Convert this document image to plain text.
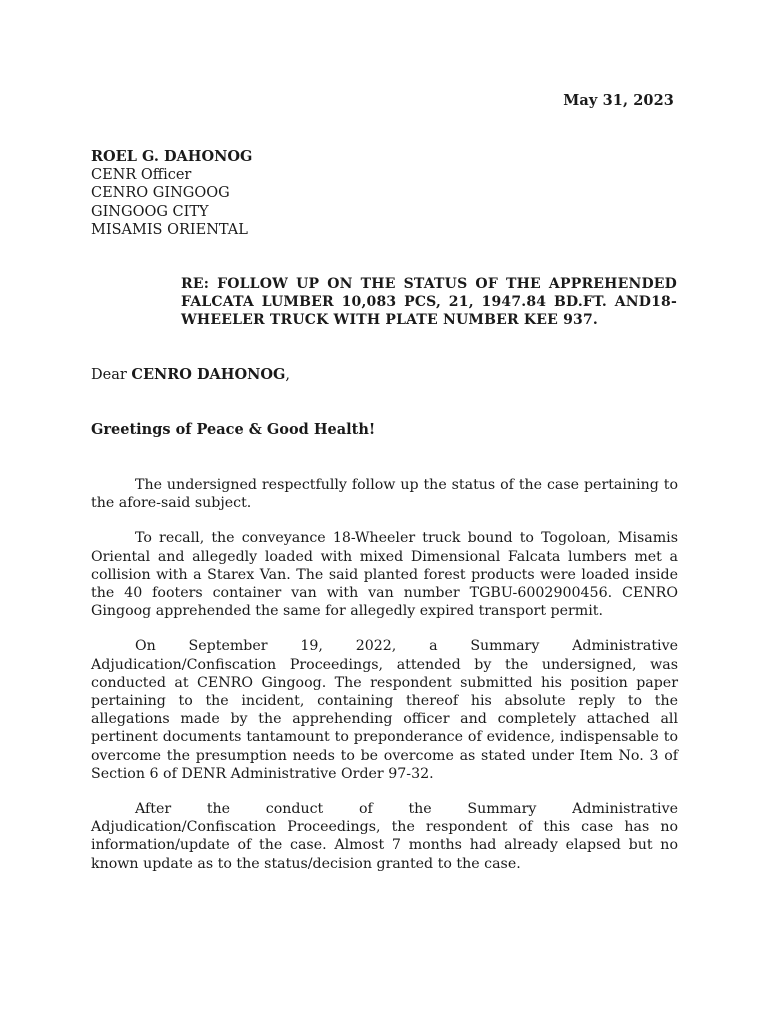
May 31, 2023
ROEL G. DAHONOG
CENR Officer
CENRO GINGOOG
GINGOOG CITY
MISAMIS ORIENTAL
RE: FOLLOW UP ON THE STATUS OF THE APPREHENDED FALCATA LUMBER 10,083 PCS, 21, 1947.84 BD.FT. AND18-WHEELER TRUCK WITH PLATE NUMBER KEE 937.
Dear CENRO DAHONOG,
Greetings of Peace & Good Health!

The undersigned respectfully follow up the status of the case pertaining to the afore-said subject.

To recall, the conveyance 18-Wheeler truck bound to Togoloan, Misamis Oriental and allegedly loaded with mixed Dimensional Falcata lumbers met a collision with a Starex Van. The said planted forest products were loaded inside the 40 footers container van with van number TGBU-6002900456. CENRO Gingoog apprehended the same for allegedly expired transport permit.

On September 19, 2022, a Summary Administrative Adjudication/Confiscation Proceedings, attended by the undersigned, was conducted at CENRO Gingoog. The respondent submitted his position paper pertaining to the incident, containing thereof his absolute reply to the allegations made by the apprehending officer and completely attached all pertinent documents tantamount to preponderance of evidence, indispensable to overcome the presumption needs to be overcome as stated under Item No. 3 of Section 6 of DENR Administrative Order 97-32.

After the conduct of the Summary Administrative Adjudication/Confiscation Proceedings, the respondent of this case has no information/update of the case. Almost 7 months had already elapsed but no known update as to the status/decision granted to the case.
